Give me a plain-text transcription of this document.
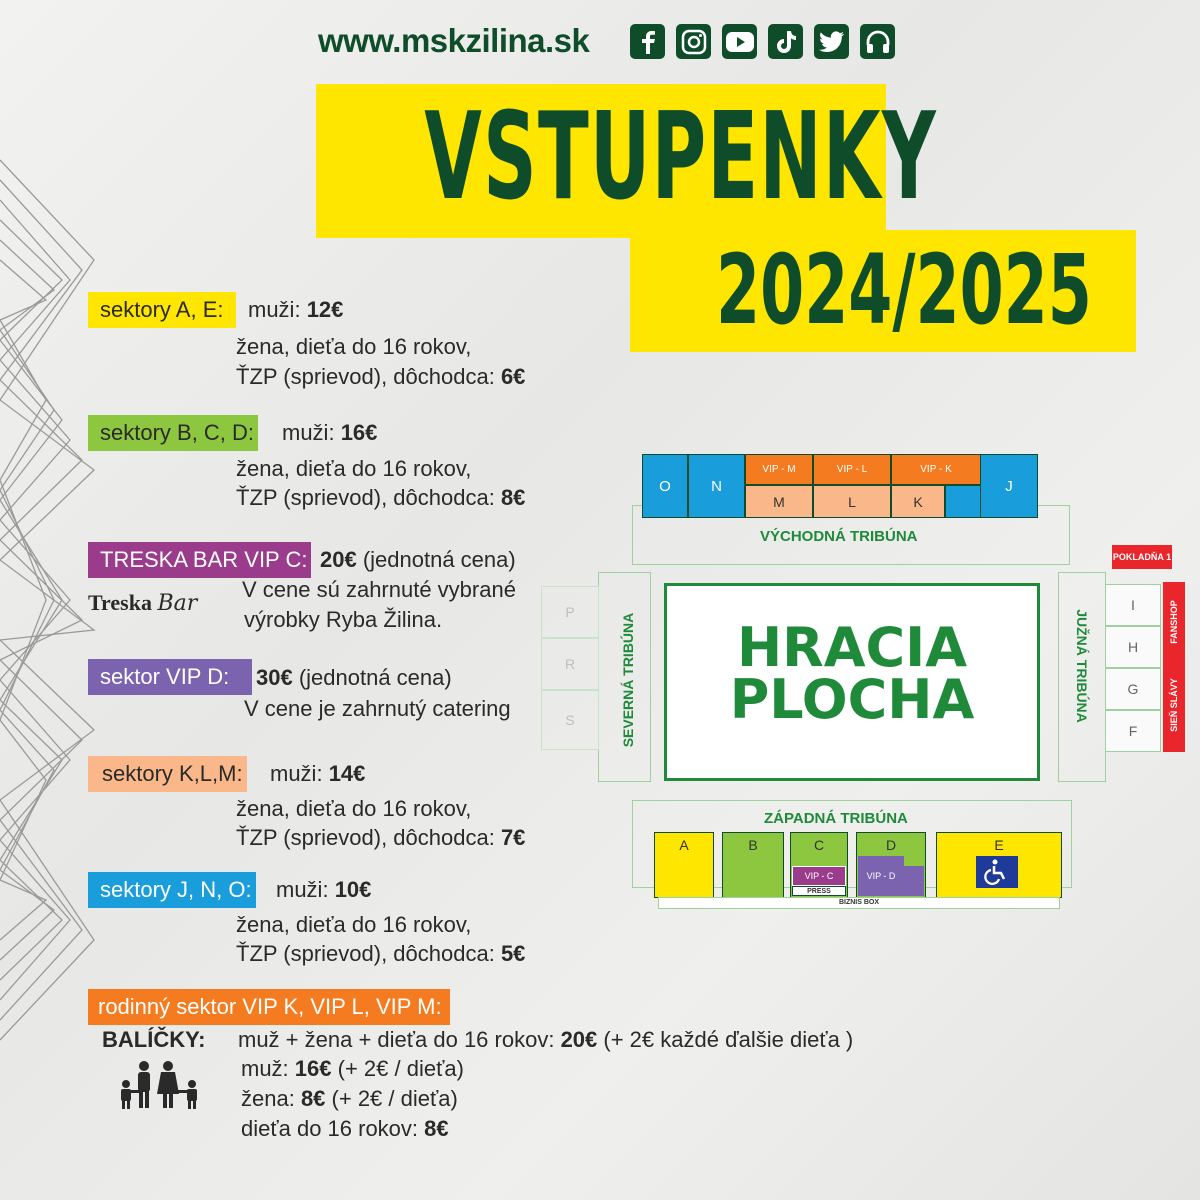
www.mskzilina.sk
VSTUPENKY
2024/2025
sektory A, E:	muži: 12€
žena, dieťa do 16 rokov,
ŤZP (sprievod), dôchodca: 6€
sektory B, C, D: muži: 16€
žena, dieťa do 16 rokov,
ŤZP (sprievod), dôchodca: 8€
TRESKA BAR VIP C: 20€ (jednotná cena)
Treska Bar
V cene sú zahrnuté vybrané
výrobky Ryba Žilina.
sektor VIP D:	30€ (jednotná cena)
V cene je zahrnutý catering
sektory K,L,M: muži: 14€
žena, dieťa do 16 rokov,
ŤZP (sprievod), dôchodca: 7€
sektory J, N, O: muži: 10€
žena, dieťa do 16 rokov,
ŤZP (sprievod), dôchodca: 5€
rodinný sektor VIP K, VIP L, VIP M:
BALÍČKY: muž + žena + dieťa do 16 rokov: 20€ (+ 2€ každé ďalšie dieťa )
muž: 16€ (+ 2€ / dieťa)
žena: 8€ (+ 2€ / dieťa)
dieťa do 16 rokov: 8€
O	N
VIP - M	VIP - L	VIP - K
M	L	K
J
VÝCHODNÁ TRIBÚNA
SEVERNÁ TRIBÚNA
P
R
S
HRACIA
PLOCHA	JUŽNÁ TRIBÚNA
I
H
G
F
POKLADŇA 1
FANSHOP
SIEŇ SLÁVY
ZÁPADNÁ TRIBÚNA
A	B	C
VIP - C
PRESS
D
VIP - D
E
BIZNIS BOX
